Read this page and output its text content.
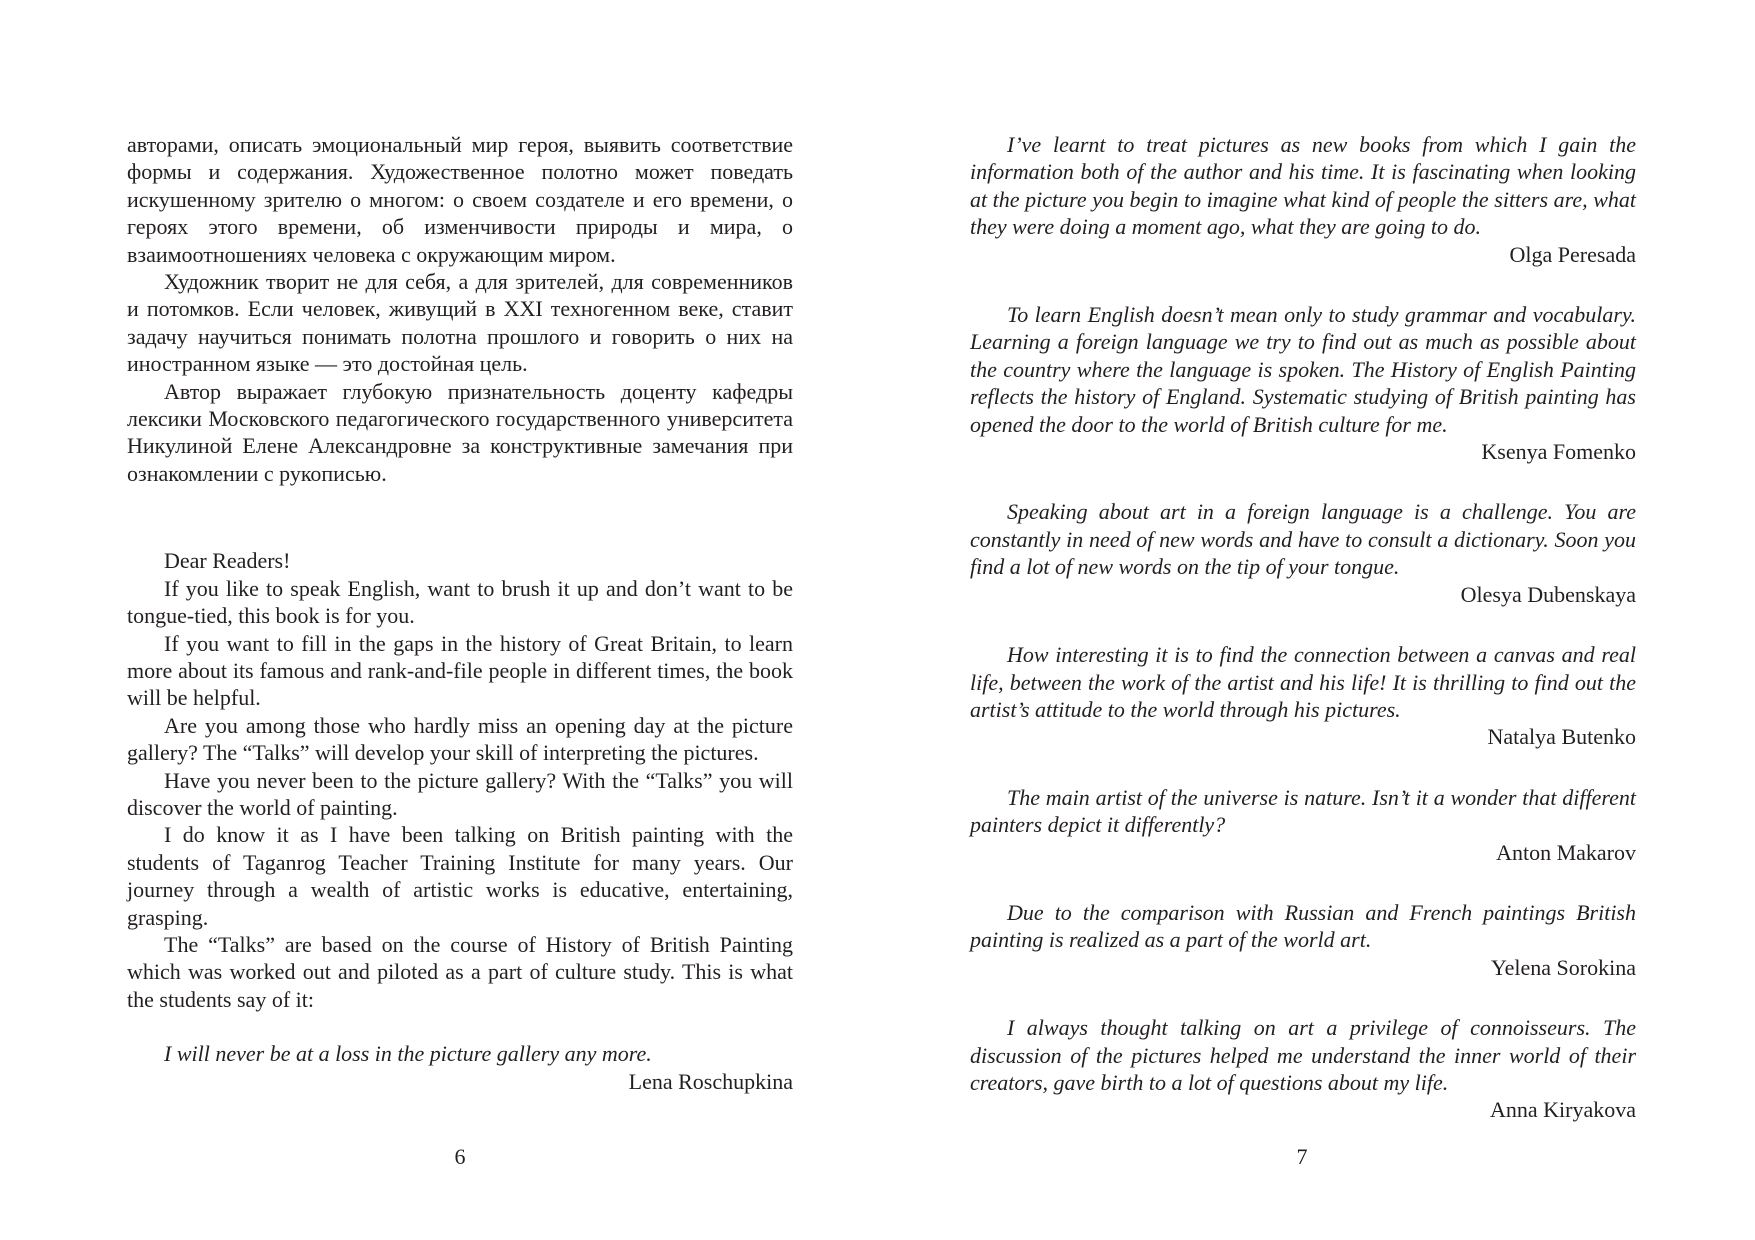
авторами, описать эмоциональный мир героя, выявить соответствие формы и содержания. Художественное полотно может поведать искушенному зрителю о многом: о своем создателе и его времени, о героях этого времени, об изменчивости природы и мира, о взаимоотношениях человека с окружающим миром.

Художник творит не для себя, а для зрителей, для современников и потомков. Если человек, живущий в XXI техногенном веке, ставит задачу научиться понимать полотна прошлого и говорить о них на иностранном языке — это достойная цель.

Автор выражает глубокую признательность доценту кафедры лексики Московского педагогического государственного университета Никулиной Елене Александровне за конструктивные замечания при ознакомлении с рукописью.

Dear Readers!

If you like to speak English, want to brush it up and don’t want to be tongue-tied, this book is for you.

If you want to fill in the gaps in the history of Great Britain, to learn more about its famous and rank-and-file people in different times, the book will be helpful.

Are you among those who hardly miss an opening day at the picture gallery? The “Talks” will develop your skill of interpreting the pictures.

Have you never been to the picture gallery? With the “Talks” you will discover the world of painting.

I do know it as I have been talking on British painting with the students of Taganrog Teacher Training Institute for many years. Our journey through a wealth of artistic works is educative, entertaining, grasping.

The “Talks” are based on the course of History of British Painting which was worked out and piloted as a part of culture study. This is what the students say of it:

I will never be at a loss in the picture gallery any more.

Lena Roschupkina

6

I’ve learnt to treat pictures as new books from which I gain the information both of the author and his time. It is fascinating when looking at the picture you begin to imagine what kind of people the sitters are, what they were doing a moment ago, what they are going to do.

Olga Peresada

To learn English doesn’t mean only to study grammar and vocabulary. Learning a foreign language we try to find out as much as possible about the country where the language is spoken. The History of English Painting reflects the history of England. Systematic studying of British painting has opened the door to the world of British culture for me.

Ksenya Fomenko

Speaking about art in a foreign language is a challenge. You are constantly in need of new words and have to consult a dictionary. Soon you find a lot of new words on the tip of your tongue.

Olesya Dubenskaya

How interesting it is to find the connection between a canvas and real life, between the work of the artist and his life! It is thrilling to find out the artist’s attitude to the world through his pictures.

Natalya Butenko

The main artist of the universe is nature. Isn’t it a wonder that different painters depict it differently?

Anton Makarov

Due to the comparison with Russian and French paintings British painting is realized as a part of the world art.

Yelena Sorokina

I always thought talking on art a privilege of connoisseurs. The discussion of the pictures helped me understand the inner world of their creators, gave birth to a lot of questions about my life.

Anna Kiryakova

7
